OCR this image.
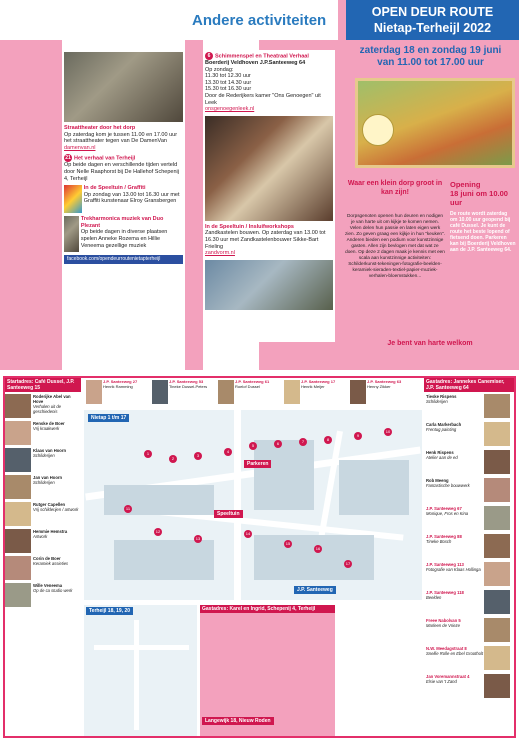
Andere activiteiten	OPEN DEUR ROUTE
Nietap-Terheijl 2022
Straattheater door het dorp
Op zaterdag kom je tussen 11.00 en 17.00 uur het straattheater tegen van De DamenVan
damenvan.nl
21 Het verhaal van Terheijl
Op beide dagen en verschillende tijden verteld door Nelle Raaphorst bij De Hallehof Schepenij 4, Terheijl
In de Speeltuin / Graffiti
Op zondag van 13.00 tot 16.30 uur met Graffiti kunstenaar Elroy Gransbergen
Trekharmonica muziek van Duo Plezant
Op beide dagen in diverse plaatsen spelen Anneke Rozema en Hillie Veneema gezellige muziek
facebook.com/opendeurroutenietapterheijl
Organisatie: Inkubatiegroep Tonko Dozeel en Rudy Zikker. Bewindvoering: Nietap Terheijl. Organisatie: Nettie Zakkerval
6 Schimmenspel en Theatraal Verhaal
Boerderij Veldhoven J.P.Santeeweg 64
Op zondag:
11.30 tot 12.30 uur
13.30 tot 14.30 uur
15.30 tot 16.30 uur
Door de Rederijkers kamer "Ons Genoegen" uit Leek
onsgenoegenleek.nl
In de Speeltuin / Insluifworkshops
Zandkastelen bouwen. Op zaterdag van 13.00 tot 16.30 uur met Zandkastelenbouwer Sikke-Bart Frieling
zandvorm.nl
zaterdag 18 en zondag 19 juni
van 11.00 tot 17.00 uur
Waar een klein dorp groot in kan zijn!
Dorpsgenoten openen hun deuren en nodigen je van harte uit om kijkje te komen nemen. Velen delen hun passie en laten eigen werk zien. Zo geven graag een kijkje in hun "keuken". Anderen bieden een podium voor kunstzinnige gasten. Allen zijn bevlogen met dat wat ze doen. Op deze 2 dagen maak je kennis met een scala aan kunstzinnige activiteiten: Schilderkunst-tekeningen-fotografie-beelden-keramiek-sieraden-textiel-papier-muziek-verhalen-bloemstukken...
Opening
18 juni om 10.00 uur
De route wordt zaterdag om 10.00 uur geopend bij café Dussel. Je kunt de route het beste lopend of fietsend doen. Parkeren kan bij Boerderij Veldhoven aan de J.P. Santeeweg 64.
Je bent van harte welkom
Startadres: Café Dussel, J.P. Santeeweg 15
Roderijke Abel van Hove
Verhalen uit de geschiedenis
Renske de Boer
Vrij kraakwerk
Klaas van Hoorn
Schilderijen
Jan van Hoorn
Schilderijen
Rutger Capellen
Vrij schilderijen / artwork
Hemmie Hemstra
Artwork
Corin de Boer
Keramiek assieties
Wille Veneema
Op de ca studio werk
J.P. Santeeweg 27
Henrik Ramming
J.P. Santeeweg 53
Tineke Dussel-Peters
J.P. Santeeweg 61
Roelof Dussel
J.P. Santeeweg 17
Henrik Meijer
J.P. Santeeweg 63
Henny Zikker
Nietap 1 t/m 17
Parkeren
Speeltuin
J.P. Santeeweg
1
2
3
4
5	6	7	8
9
10
11
12
13
14
15
16
17
Terheijl 18, 19, 20	Gastadres: Karel en Ingrid, Schepenij 4, Terheijl
Langewijk 18, Nieuw Roden
Gastadres: Jannekes Canemiser, J.P. Santeeweg 64
Tieske Rispens
Schilderijen
Carla Markerbach
Frentug painting
Henk Rispens
Atelier aan de ed
Rob Meeng
Fantastische bouwwerk
J.P. Santeeweg 67
Monique, Fros en Kina
J.P. Santeeweg 88
Tineke Bosch
J.P. Santeeweg 113
Fotografie van Klaas Hollinga
J.P. Santeeweg 118
Beelden
Freee Nabolvan 5
Marleen de Vrieze
N.W. Meedagstraat 8
Snellie Rolle en Ebel Grootholt
Jan Voremannstraat 4
Elsie van 't Zand
